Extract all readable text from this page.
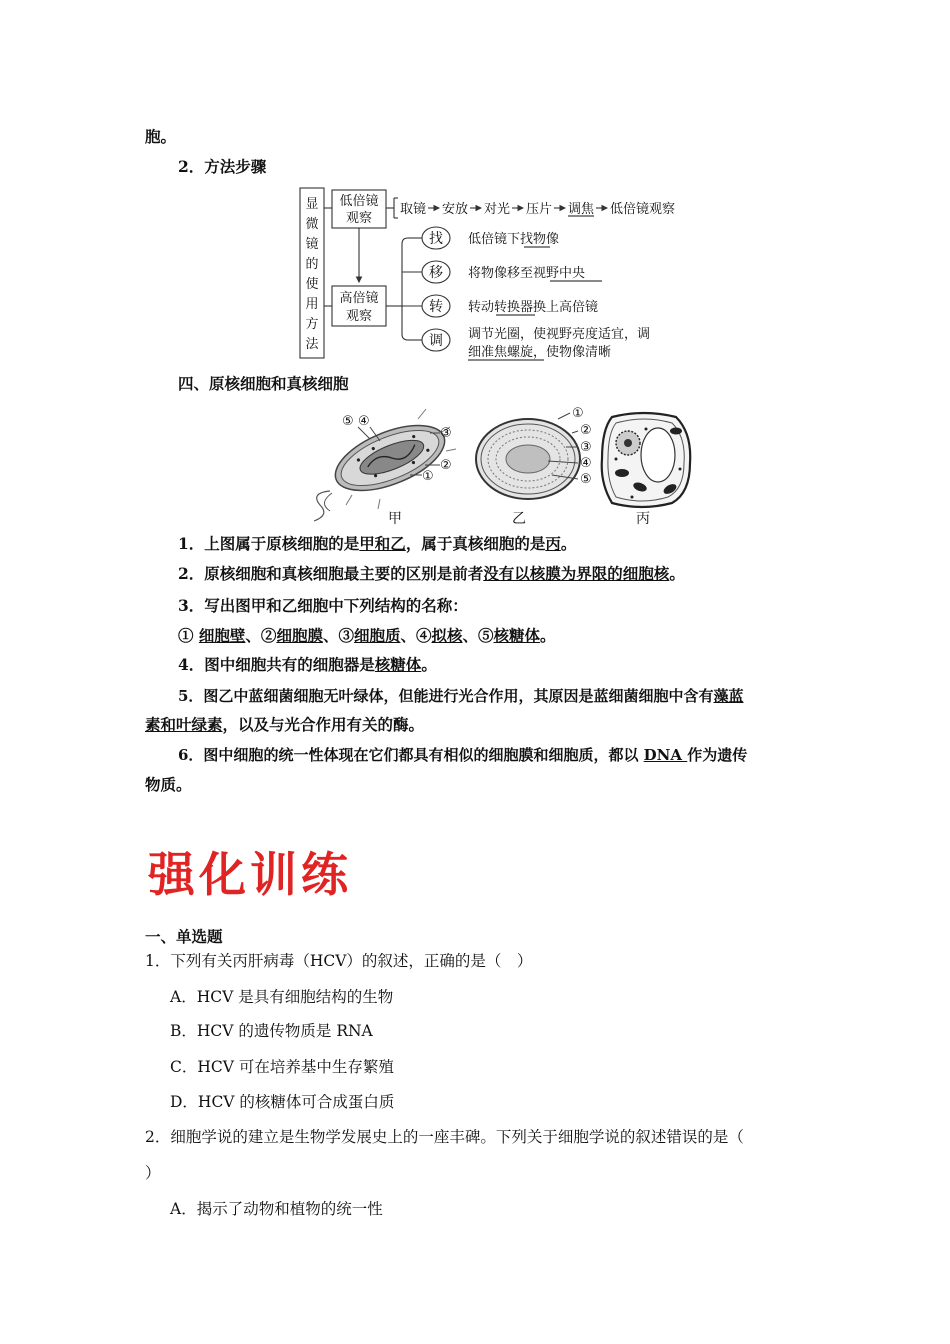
胞。
2．方法步骤
显
微
镜
的
使
用
方
法
低倍镜
观察
高倍镜
观察
取镜 安放 对光 压片 调焦 低倍镜观察
找
移
转
调
低倍镜下找物像
将物像移至视野中央
转动转换器换上高倍镜
调节光圈，使视野亮度适宜，调
细准焦螺旋，使物像清晰
四、原核细胞和真核细胞
⑤ ④
③
②
①
①
②
③
④
⑤
甲	乙	丙
1．上图属于原核细胞的是甲和乙，属于真核细胞的是丙。
2．原核细胞和真核细胞最主要的区别是前者没有以核膜为界限的细胞核。
3．写出图甲和乙细胞中下列结构的名称：
① 细胞壁、②细胞膜、③细胞质、④拟核、⑤核糖体。
4．图中细胞共有的细胞器是核糖体。
5．图乙中蓝细菌细胞无叶绿体，但能进行光合作用，其原因是蓝细菌细胞中含有藻蓝
素和叶绿素，以及与光合作用有关的酶。
6．图中细胞的统一性体现在它们都具有相似的细胞膜和细胞质，都以 DNA 作为遗传
物质。
强化训练
一、单选题
1．下列有关丙肝病毒（HCV）的叙述，正确的是（　）
A．HCV 是具有细胞结构的生物
B．HCV 的遗传物质是 RNA
C．HCV 可在培养基中生存繁殖
D．HCV 的核糖体可合成蛋白质
2．细胞学说的建立是生物学发展史上的一座丰碑。下列关于细胞学说的叙述错误的是（
）
A．揭示了动物和植物的统一性
